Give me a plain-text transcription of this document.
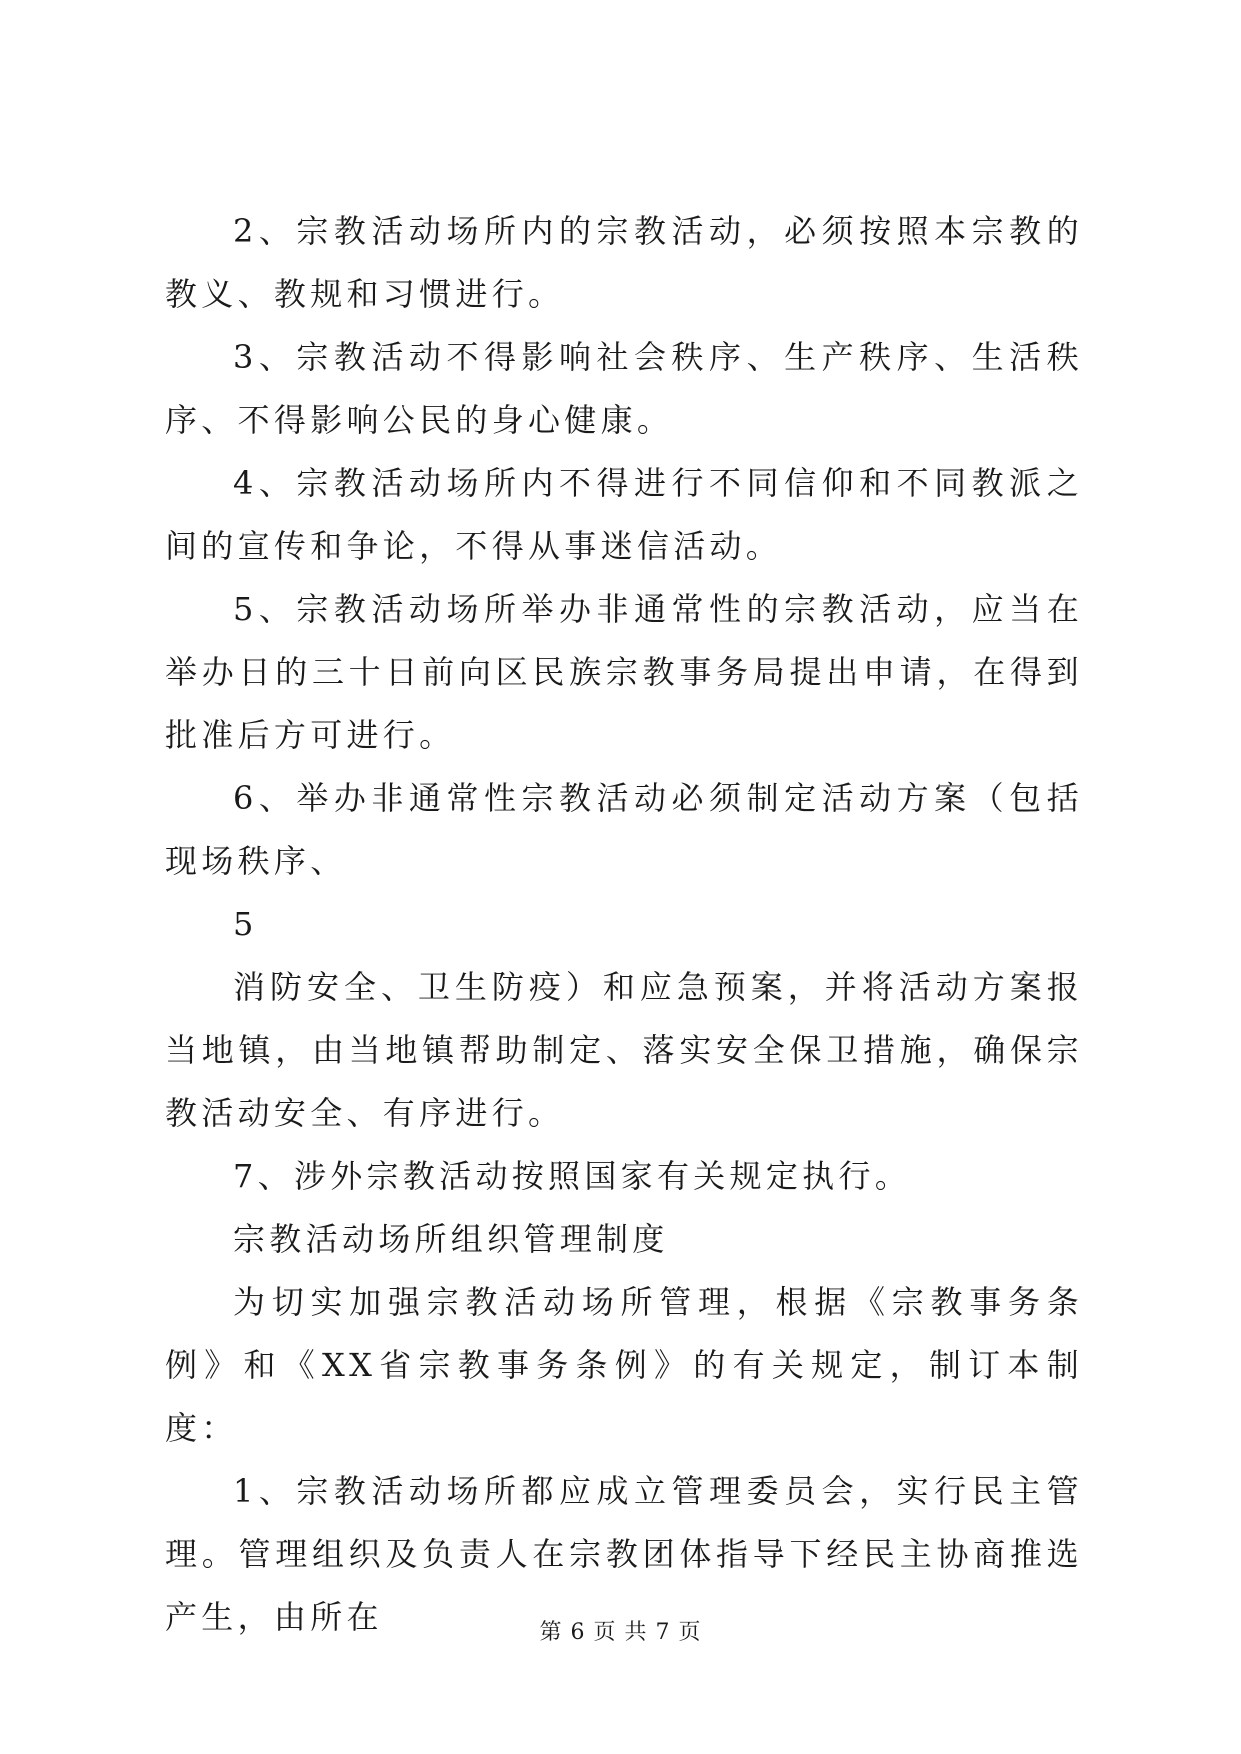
2、宗教活动场所内的宗教活动，必须按照本宗教的教义、教规和习惯进行。

3、宗教活动不得影响社会秩序、生产秩序、生活秩序、不得影响公民的身心健康。

4、宗教活动场所内不得进行不同信仰和不同教派之间的宣传和争论，不得从事迷信活动。

5、宗教活动场所举办非通常性的宗教活动，应当在举办日的三十日前向区民族宗教事务局提出申请，在得到批准后方可进行。

6、举办非通常性宗教活动必须制定活动方案（包括现场秩序、

5

消防安全、卫生防疫）和应急预案，并将活动方案报当地镇，由当地镇帮助制定、落实安全保卫措施，确保宗教活动安全、有序进行。

7、涉外宗教活动按照国家有关规定执行。

宗教活动场所组织管理制度

为切实加强宗教活动场所管理，根据《宗教事务条例》和《XX省宗教事务条例》的有关规定，制订本制度：

1、宗教活动场所都应成立管理委员会，实行民主管理。管理组织及负责人在宗教团体指导下经民主协商推选产生，由所在	第 6 页 共 7 页
